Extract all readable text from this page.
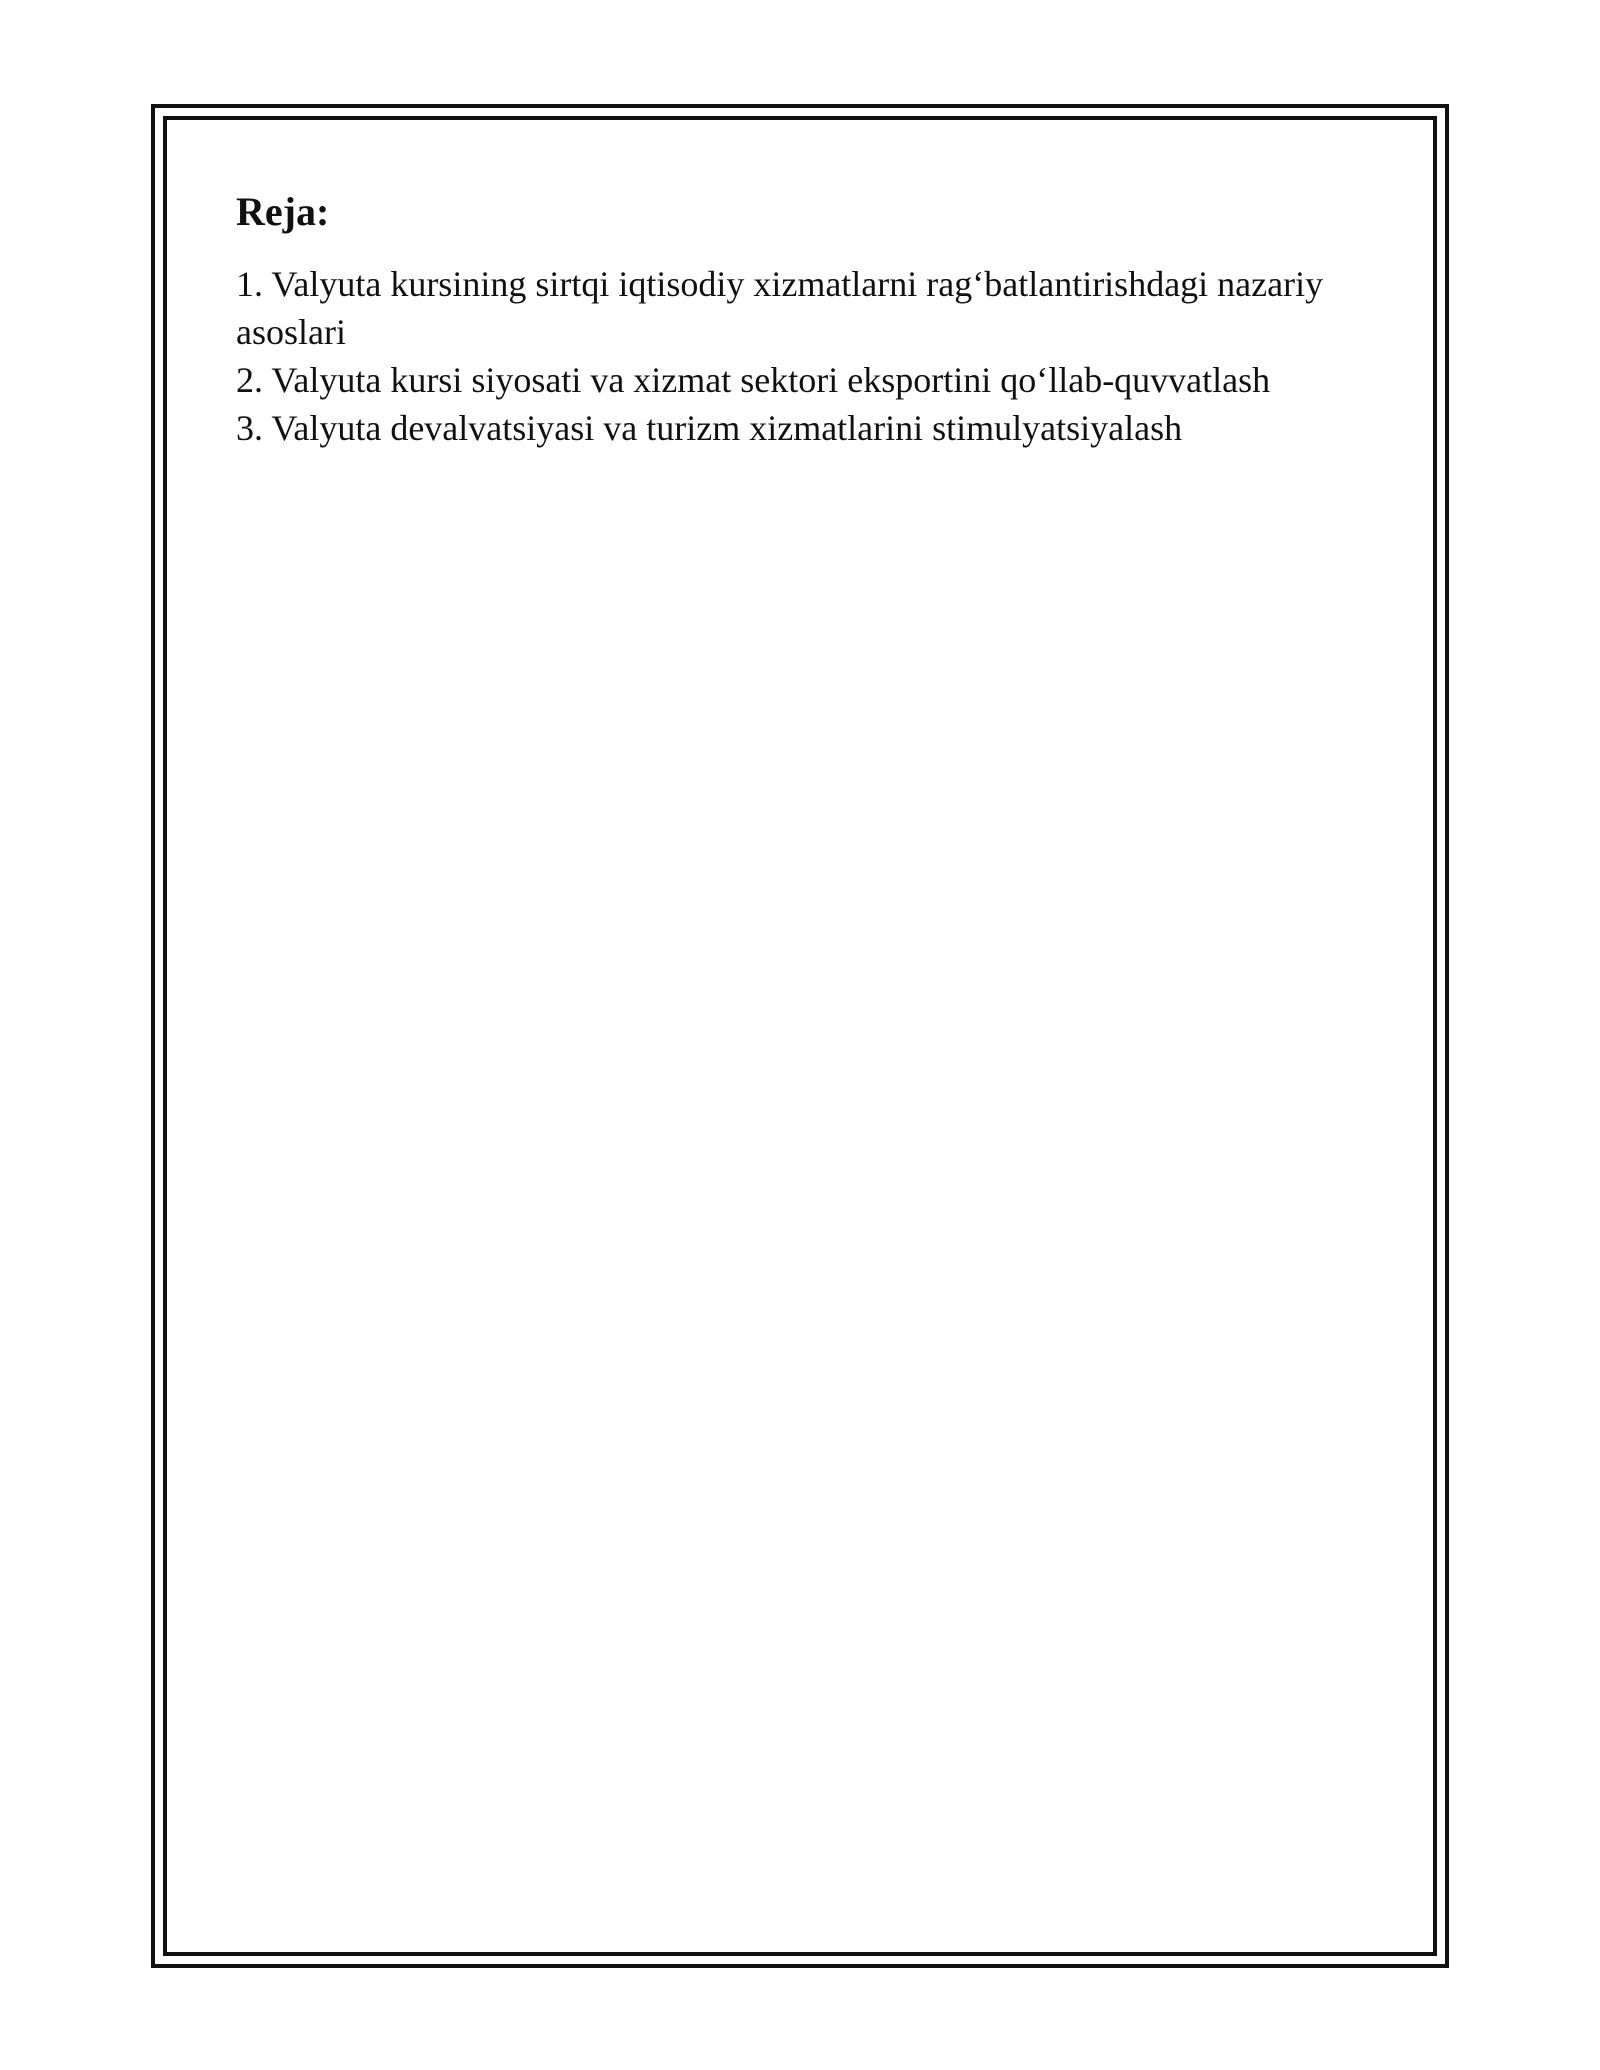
Reja:
1. Valyuta kursining sirtqi iqtisodiy xizmatlarni rag‘batlantirishdagi nazariy asoslari
2. Valyuta kursi siyosati va xizmat sektori eksportini qo‘llab-quvvatlash
3. Valyuta devalvatsiyasi va turizm xizmatlarini stimulyatsiyalash
